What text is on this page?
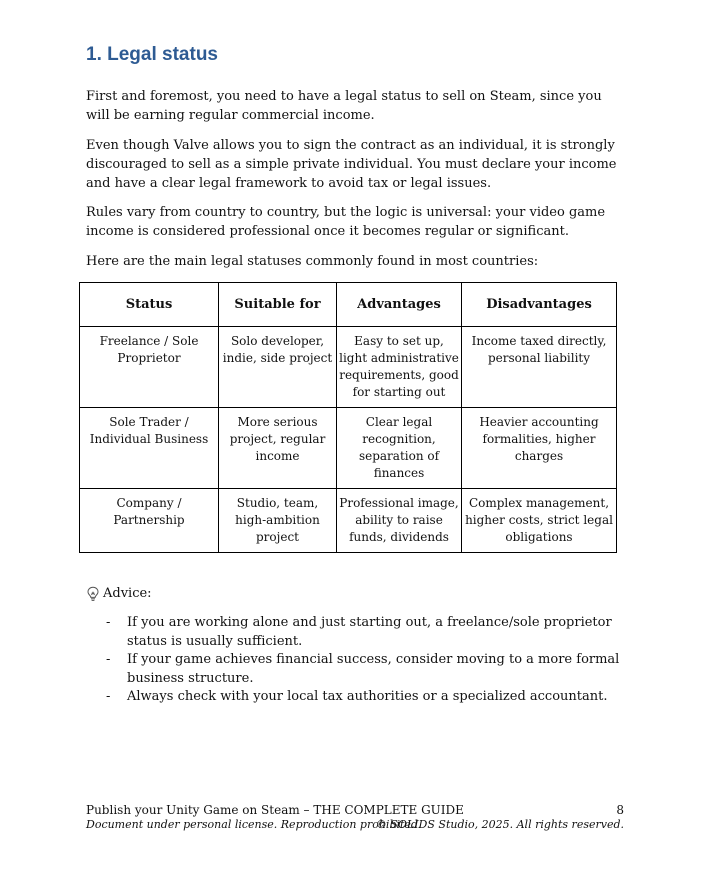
1. Legal status

First and foremost, you need to have a legal status to sell on Steam, since you will be earning regular commercial income.

Even though Valve allows you to sign the contract as an individual, it is strongly discouraged to sell as a simple private individual. You must declare your income and have a clear legal framework to avoid tax or legal issues.

Rules vary from country to country, but the logic is universal: your video game income is considered professional once it becomes regular or significant.

Here are the main legal statuses commonly found in most countries:

Status	Suitable for	Advantages	Disadvantages
Freelance / Sole Proprietor	Solo developer, indie, side project	Easy to set up, light administrative requirements, good for starting out	Income taxed directly, personal liability
Sole Trader / Individual Business	More serious project, regular income	Clear legal recognition, separation of finances	Heavier accounting formalities, higher charges
Company / Partnership	Studio, team, high-ambition project	Professional image, ability to raise funds, dividends	Complex management, higher costs, strict legal obligations
Advice:
- If you are working alone and just starting out, a freelance/sole proprietor status is usually sufficient.
- If your game achieves financial success, consider moving to a more formal business structure.
- Always check with your local tax authorities or a specialized accountant.
Publish your Unity Game on Steam – THE COMPLETE GUIDE	8
Document under personal license. Reproduction prohibited.
© SOLIDS Studio, 2025. All rights reserved.
